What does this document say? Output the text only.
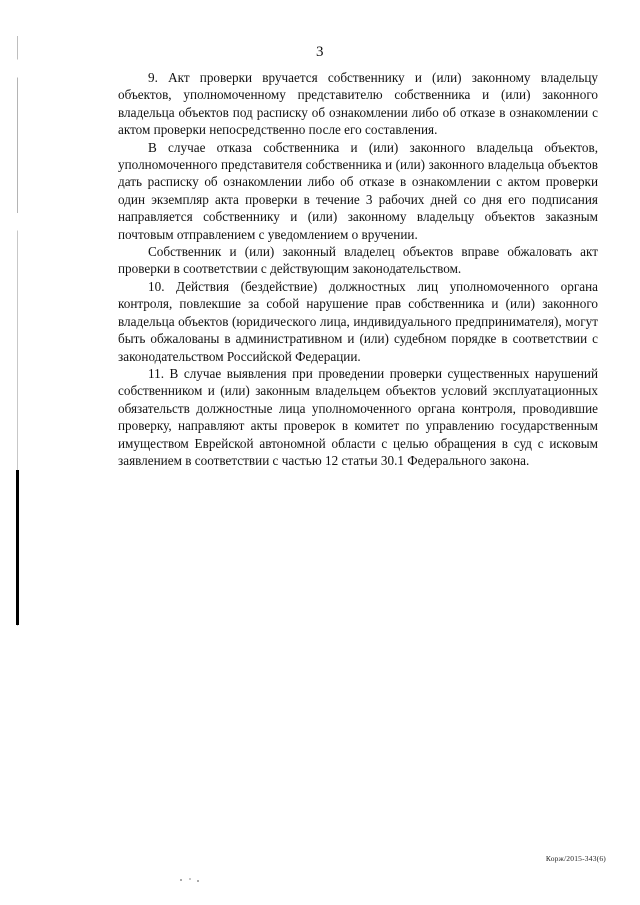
3

9. Акт проверки вручается собственнику и (или) законному владельцу объектов, уполномоченному представителю собственника и (или) законного владельца объектов под расписку об ознакомлении либо об отказе в ознакомлении с актом проверки непосредственно после его составления.

В случае отказа собственника и (или) законного владельца объектов, уполномоченного представителя собственника и (или) законного владельца объектов дать расписку об ознакомлении либо об отказе в ознакомлении с актом проверки один экземпляр акта проверки в течение 3 рабочих дней со дня его подписания направляется собственнику и (или) законному владельцу объектов заказным почтовым отправлением с уведомлением о вручении.

Собственник и (или) законный владелец объектов вправе обжаловать акт проверки в соответствии с действующим законодательством.

10. Действия (бездействие) должностных лиц уполномоченного органа контроля, повлекшие за собой нарушение прав собственника и (или) законного владельца объектов (юридического лица, индивидуального предпринимателя), могут быть обжалованы в административном и (или) судебном порядке в соответствии с законодательством Российской Федерации.

11. В случае выявления при проведении проверки существенных нарушений собственником и (или) законным владельцем объектов условий эксплуатационных обязательств должностные лица уполномоченного органа контроля, проводившие проверку, направляют акты проверок в комитет по управлению государственным имуществом Еврейской автономной области с целью обращения в суд с исковым заявлением в соответствии с частью 12 статьи 30.1 Федерального закона.

Корж/2015-343(6)
